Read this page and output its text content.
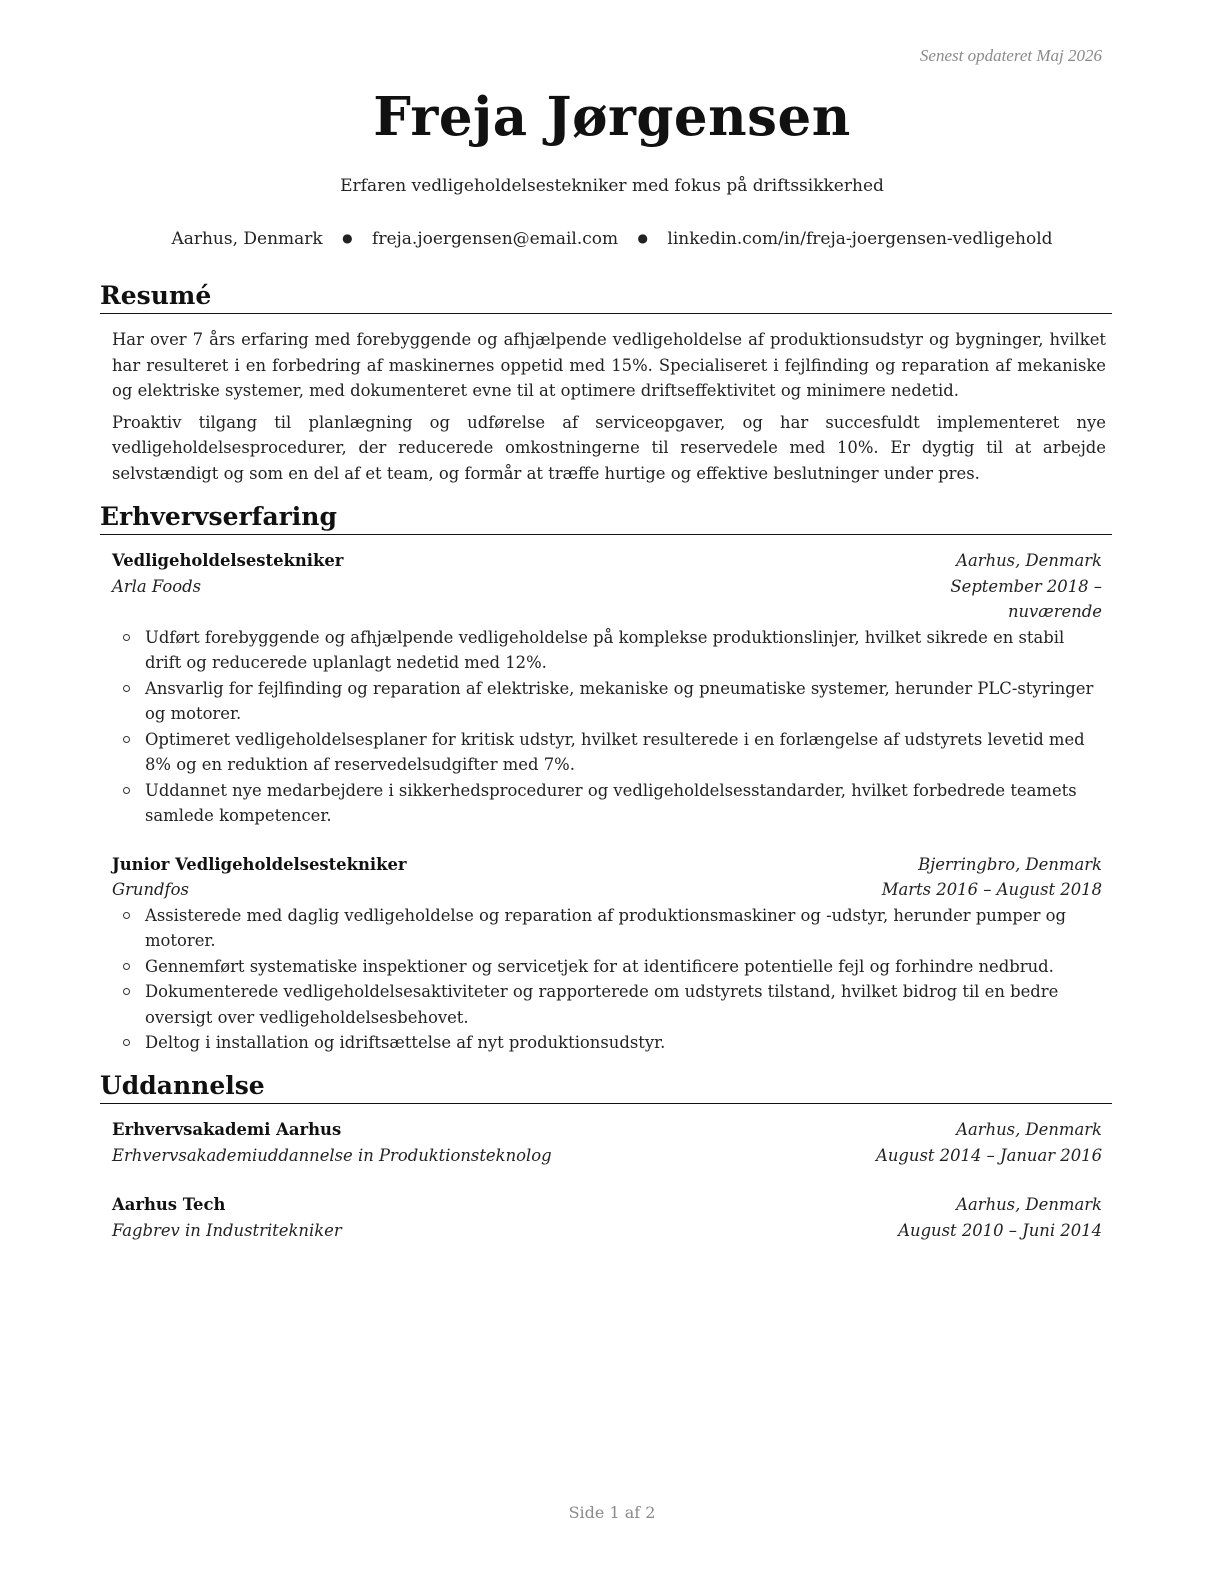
Senest opdateret Maj 2026
Freja Jørgensen
Erfaren vedligeholdelsestekniker med fokus på driftssikkerhed
Aarhus, Denmark ● freja.joergensen@email.com ● linkedin.com/in/freja-joergensen-vedligehold
Resumé

Har over 7 års erfaring med forebyggende og afhjælpende vedligeholdelse af produktionsudstyr og bygninger, hvilket har resulteret i en forbedring af maskinernes oppetid med 15%. Specialiseret i fejlfinding og reparation af mekaniske og elektriske systemer, med dokumenteret evne til at optimere driftseffektivitet og minimere nedetid.

Proaktiv tilgang til planlægning og udførelse af serviceopgaver, og har succesfuldt implementeret nye vedligeholdelsesprocedurer, der reducerede omkostningerne til reservedele med 10%. Er dygtig til at arbejde selvstændigt og som en del af et team, og formår at træffe hurtige og effektive beslutninger under pres.

Erhvervserfaring
Vedligeholdelsestekniker	Aarhus, Denmark
Arla Foods	September 2018 – nuværende
Udført forebyggende og afhjælpende vedligeholdelse på komplekse produktionslinjer, hvilket sikrede en stabil drift og reducerede uplanlagt nedetid med 12%.
Ansvarlig for fejlfinding og reparation af elektriske, mekaniske og pneumatiske systemer, herunder PLC-styringer og motorer.
Optimeret vedligeholdelsesplaner for kritisk udstyr, hvilket resulterede i en forlængelse af udstyrets levetid med 8% og en reduktion af reservedelsudgifter med 7%.
Uddannet nye medarbejdere i sikkerhedsprocedurer og vedligeholdelsesstandarder, hvilket forbedrede teamets samlede kompetencer.
Junior Vedligeholdelsestekniker	Bjerringbro, Denmark
Grundfos	Marts 2016 – August 2018
Assisterede med daglig vedligeholdelse og reparation af produktionsmaskiner og -udstyr, herunder pumper og motorer.
Gennemført systematiske inspektioner og servicetjek for at identificere potentielle fejl og forhindre nedbrud.
Dokumenterede vedligeholdelsesaktiviteter og rapporterede om udstyrets tilstand, hvilket bidrog til en bedre oversigt over vedligeholdelsesbehovet.
Deltog i installation og idriftsættelse af nyt produktionsudstyr.
Uddannelse
Erhvervsakademi Aarhus	Aarhus, Denmark
Erhvervsakademiuddannelse in Produktionsteknolog	August 2014 – Januar 2016
Aarhus Tech	Aarhus, Denmark
Fagbrev in Industritekniker	August 2010 – Juni 2014
Side 1 af 2
